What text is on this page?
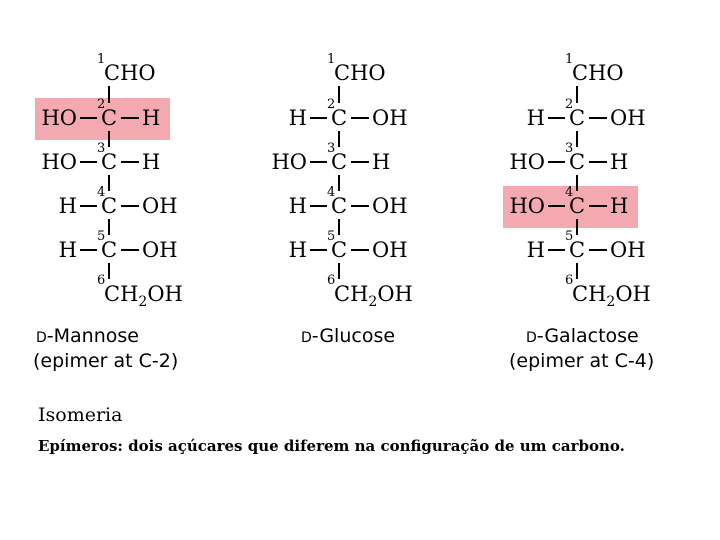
1
CHO
2
C
HO	H
3
C
HO	H
4
C
H	OH
5
C
H	OH
6
$CH_2OH$
D-Mannose
(epimer at C-2)
1
CHO
2
C
H	OH
3
C
HO	H
4
C
H	OH
5
C
H	OH
6
$CH_2OH$
D-Glucose
1
CHO
2
C
H	OH
3
C
HO	H
4
C
HO	H
5
C
H	OH
6
$CH_2OH$
D-Galactose
(epimer at C-4)
Isomeria
Epímeros: dois açúcares que diferem na configuração de um carbono.
